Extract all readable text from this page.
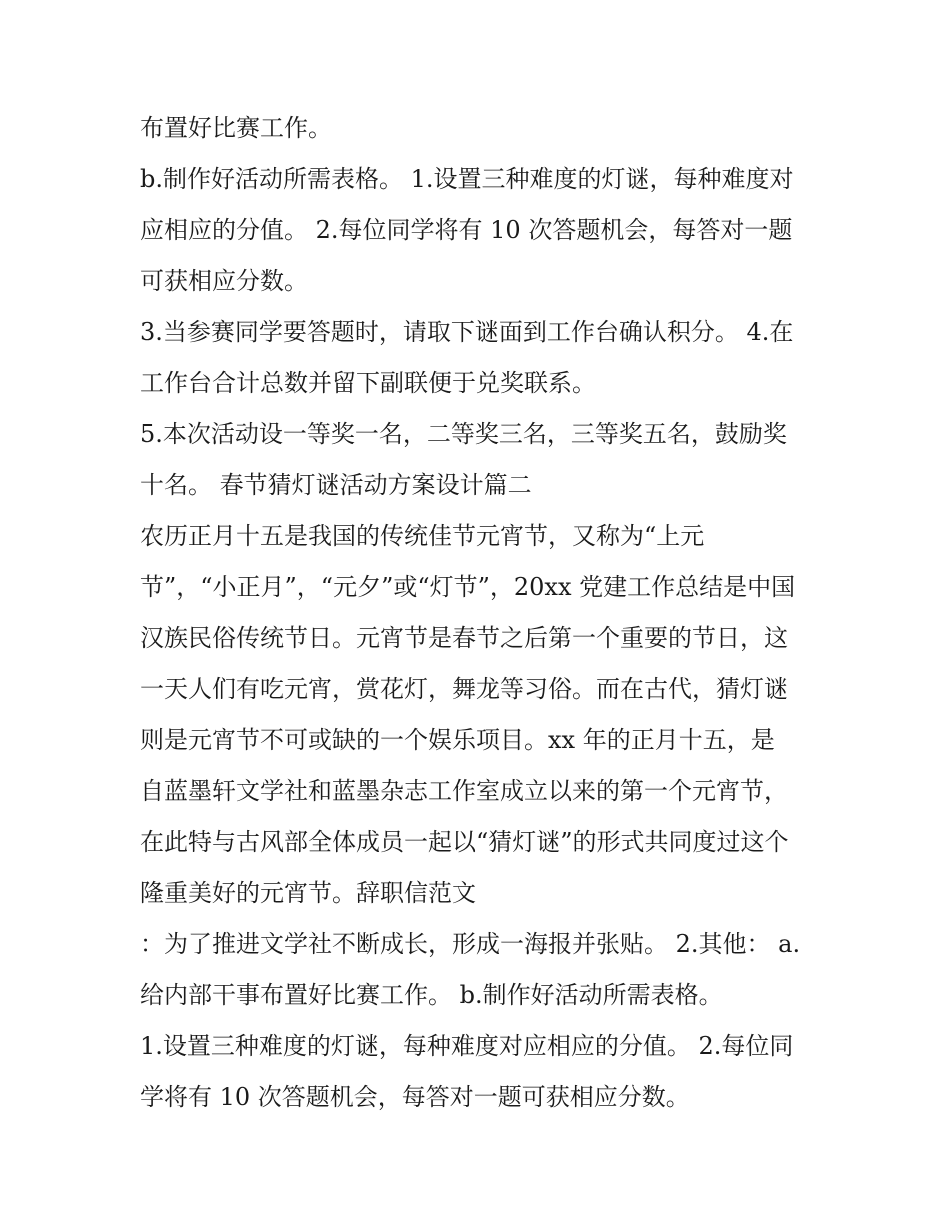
布置好比赛工作。

b.制作好活动所需表格。 1.设置三种难度的灯谜，每种难度对

应相应的分值。 2.每位同学将有 10 次答题机会，每答对一题

可获相应分数。

3.当参赛同学要答题时，请取下谜面到工作台确认积分。 4.在

工作台合计总数并留下副联便于兑奖联系。

5.本次活动设一等奖一名，二等奖三名，三等奖五名，鼓励奖

十名。 春节猜灯谜活动方案设计篇二

农历正月十五是我国的传统佳节元宵节，又称为“上元

节”，“小正月”，“元夕”或“灯节”，20xx 党建工作总结是中国

汉族民俗传统节日。元宵节是春节之后第一个重要的节日，这

一天人们有吃元宵，赏花灯，舞龙等习俗。而在古代，猜灯谜

则是元宵节不可或缺的一个娱乐项目。xx 年的正月十五，是

自蓝墨轩文学社和蓝墨杂志工作室成立以来的第一个元宵节，

在此特与古风部全体成员一起以“猜灯谜”的形式共同度过这个

隆重美好的元宵节。辞职信范文

：为了推进文学社不断成长，形成一海报并张贴。 2.其他： a.

给内部干事布置好比赛工作。 b.制作好活动所需表格。

1.设置三种难度的灯谜，每种难度对应相应的分值。 2.每位同

学将有 10 次答题机会，每答对一题可获相应分数。
